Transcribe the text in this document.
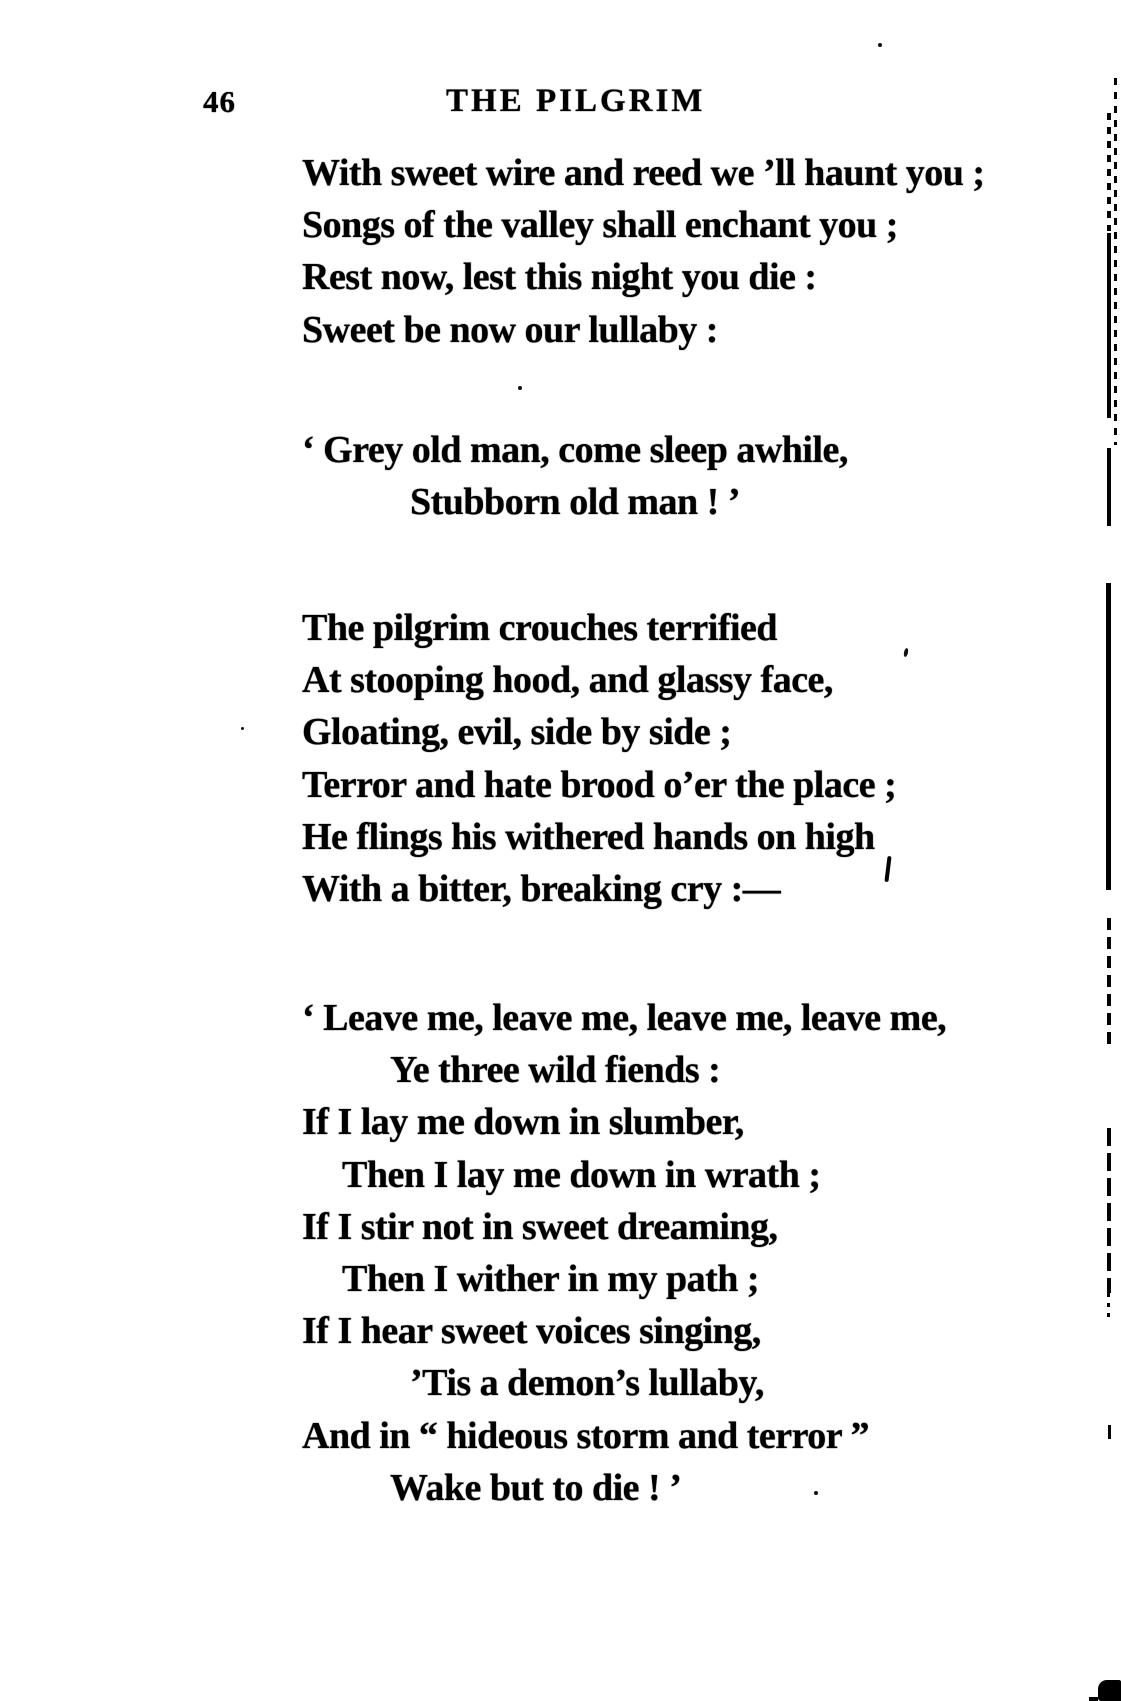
46	THE PILGRIM
With sweet wire and reed we ’ll haunt you ;
Songs of the valley shall enchant you ;
Rest now, lest this night you die :
Sweet be now our lullaby :
‘ Grey old man, come sleep awhile,
Stubborn old man ! ’
The pilgrim crouches terrified
At stooping hood, and glassy face,
Gloating, evil, side by side ;
Terror and hate brood o’er the place ;
He flings his withered hands on high
With a bitter, breaking cry :—
‘ Leave me, leave me, leave me, leave me,
Ye three wild fiends :
If I lay me down in slumber,
Then I lay me down in wrath ;
If I stir not in sweet dreaming,
Then I wither in my path ;
If I hear sweet voices singing,
’Tis a demon’s lullaby,
And in “ hideous storm and terror ”
Wake but to die ! ’
